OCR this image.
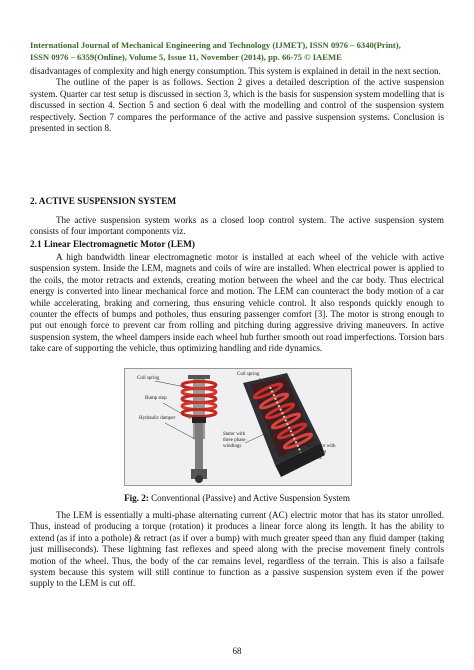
International Journal of Mechanical Engineering and Technology (IJMET), ISSN 0976 – 6340(Print),
ISSN 0976 – 6359(Online), Volume 5, Issue 11, November (2014), pp. 66-75 © IAEME

disadvantages of complexity and high energy consumption. This system is explained in detail in the next section.

The outline of the paper is as follows. Section 2 gives a detailed description of the active suspension system. Quarter car test setup is discussed in section 3, which is the basis for suspension system modelling that is discussed in section 4. Section 5 and section 6 deal with the modelling and control of the suspension system respectively. Section 7 compares the performance of the active and passive suspension systems. Conclusion is presented in section 8.

2. ACTIVE SUSPENSION SYSTEM

The active suspension system works as a closed loop control system. The active suspension system consists of four important components viz.

2.1 Linear Electromagnetic Motor (LEM)

A high bandwidth linear electromagnetic motor is installed at each wheel of the vehicle with active suspension system. Inside the LEM, magnets and coils of wire are installed. When electrical power is applied to the coils, the motor retracts and extends, creating motion between the wheel and the car body. Thus electrical energy is converted into linear mechanical force and motion. The LEM can counteract the body motion of a car while accelerating, braking and cornering, thus ensuring vehicle control. It also responds quickly enough to counter the effects of bumps and potholes, thus ensuring passenger comfort [3]. The motor is strong enough to put out enough force to prevent car from rolling and pitching during aggressive driving maneuvers. In active suspension system, the wheel dampers inside each wheel hub further smooth out road imperfections. Torsion bars take care of supporting the vehicle, thus optimizing handling and ride dynamics.

Coil spring
Bump stop
Hydraulic damper
Coil spring
Stator with three phase windings	Translator with permanent magnets
Fig. 2: Conventional (Passive) and Active Suspension System

The LEM is essentially a multi-phase alternating current (AC) electric motor that has its stator unrolled. Thus, instead of producing a torque (rotation) it produces a linear force along its length. It has the ability to extend (as if into a pothole) & retract (as if over a bump) with much greater speed than any fluid damper (taking just milliseconds). These lightning fast reflexes and speed along with the precise movement finely controls motion of the wheel. Thus, the body of the car remains level, regardless of the terrain. This is also a failsafe system because this system will still continue to function as a passive suspension system even if the power supply to the LEM is cut off.

68
